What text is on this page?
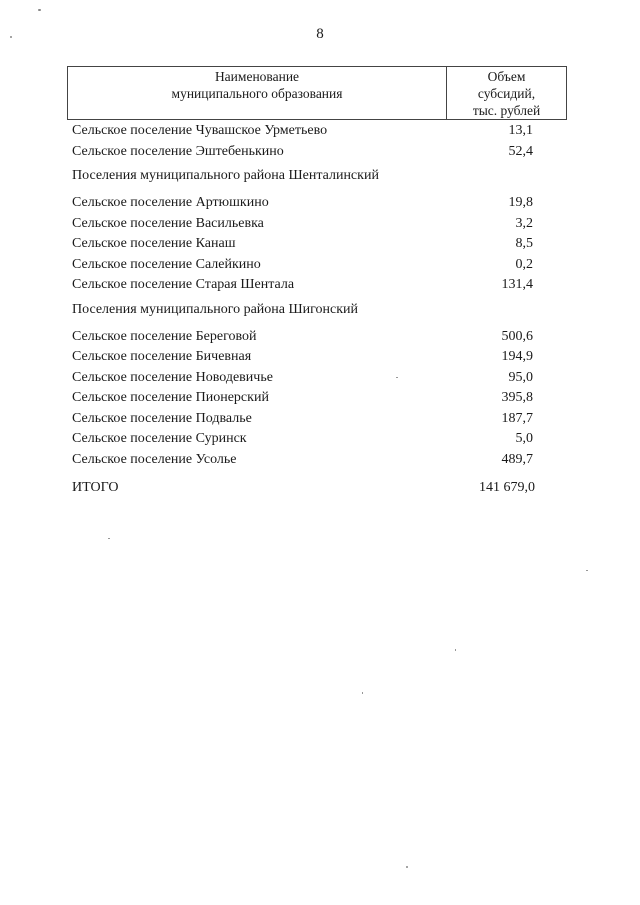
8
Наименование
муниципального образования
Объем
субсидий,
тыс. рублей
Сельское поселение Чувашское Урметьево	13,1
Сельское поселение Эштебенькино	52,4
Поселения муниципального района Шенталинский
Сельское поселение Артюшкино	19,8
Сельское поселение Васильевка	3,2
Сельское поселение Канаш	8,5
Сельское поселение Салейкино	0,2
Сельское поселение Старая Шентала	131,4
Поселения муниципального района Шигонский
Сельское поселение Береговой	500,6
Сельское поселение Бичевная	194,9
Сельское поселение Новодевичье	95,0
Сельское поселение Пионерский	395,8
Сельское поселение Подвалье	187,7
Сельское поселение Суринск	5,0
Сельское поселение Усолье	489,7
ИТОГО	141 679,0
